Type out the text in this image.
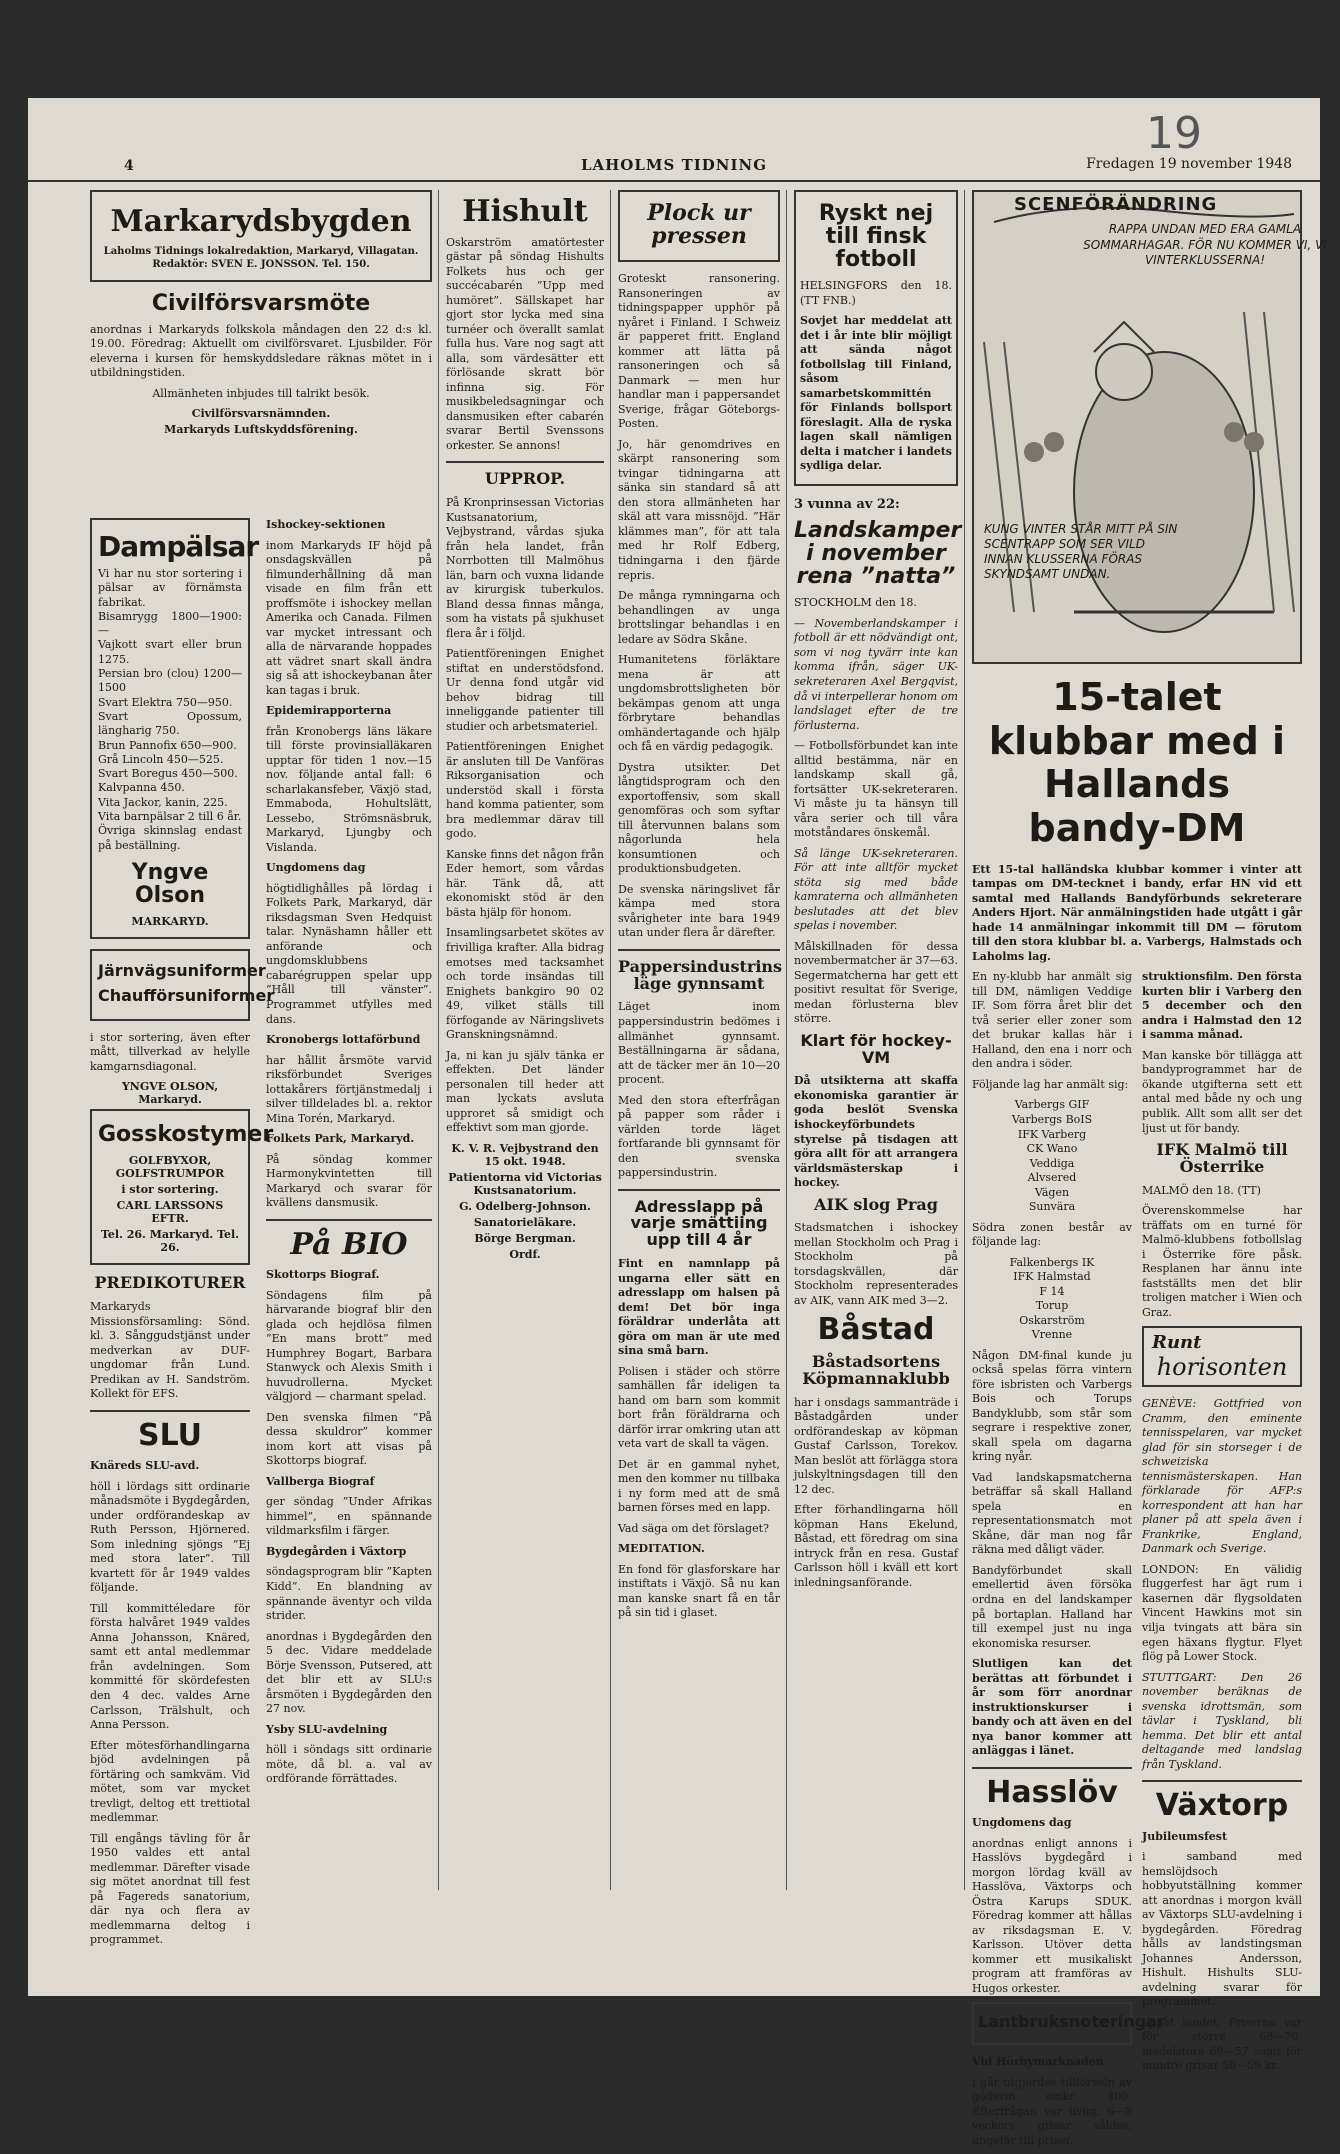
19
4	LAHOLMS TIDNING	Fredagen 19 november 1948
Markarydsbygden
Laholms Tidnings lokalredaktion, Markaryd, Villagatan.
Redaktör: SVEN E. JONSSON. Tel. 150.
Civilförsvarsmöte

anordnas i Markaryds folkskola måndagen den 22 d:s kl. 19.00. Föredrag: Aktuellt om civilförsvaret. Ljusbilder. För eleverna i kursen för hemskyddsledare räknas mötet in i utbildningstiden.

Allmänheten inbjudes till talrikt besök.

Civilförsvarsnämnden.
Markaryds Luftskyddsförening.
Dampälsar

Vi har nu stor sortering i pälsar av förnämsta fabrikat.

Bisamrygg 1800—1900:—

Vajkott svart eller brun 1275.

Persian bro (clou) 1200—1500

Svart Elektra 750—950.

Svart Opossum, längharig 750.

Brun Pannofix 650—900.

Grå Lincoln 450—525.

Svart Boregus 450—500.

Kalvpanna 450.

Vita Jackor, kanin, 225.

Vita barnpälsar 2 till 6 år.

Övriga skinnslag endast på beställning.

Yngve Olson
MARKARYD.
Järnvägsuniformer
Chaufförsuniformer

i stor sortering, även efter mått, tillverkad av helylle kamgarnsdiagonal.

YNGVE OLSON, Markaryd.
Gosskostymer
GOLFBYXOR, GOLFSTRUMPOR
i stor sortering.
CARL LARSSONS EFTR.
Tel. 26. Markaryd. Tel. 26.
PREDIKOTURER

Markaryds Missionsförsamling: Sönd. kl. 3. Sånggudstjänst under medverkan av DUF-ungdomar från Lund. Predikan av H. Sandström. Kollekt för EFS.

SLU

Knäreds SLU-avd.

höll i lördags sitt ordinarie månadsmöte i Bygdegården, under ordförandeskap av Ruth Persson, Hjörnered. Som inledning sjöngs ”Ej med stora later”. Till kvartett för år 1949 valdes följande.

Till kommittéledare för första halvåret 1949 valdes Anna Johansson, Knäred, samt ett antal medlemmar från avdelningen. Som kommitté för skördefesten den 4 dec. valdes Arne Carlsson, Trälshult, och Anna Persson.

Efter mötesförhandlingarna bjöd avdelningen på förtäring och samkväm. Vid mötet, som var mycket trevligt, deltog ett trettiotal medlemmar.

Till engångs tävling för år 1950 valdes ett antal medlemmar. Därefter visade sig mötet anordnat till fest på Fagereds sanatorium, där nya och flera av medlemmarna deltog i programmet.

Ishockey-sektionen

inom Markaryds IF höjd på onsdagskvällen på filmunderhållning då man visade en film från ett proffsmöte i ishockey mellan Amerika och Canada. Filmen var mycket intressant och alla de närvarande hoppades att vädret snart skall ändra sig så att ishockeybanan åter kan tagas i bruk.

Epidemirapporterna

från Kronobergs läns läkare till förste provinsialläkaren upptar för tiden 1 nov.—15 nov. följande antal fall: 6 scharlakansfeber, Växjö stad, Emmaboda, Hohultslätt, Lessebo, Strömsnäsbruk, Markaryd, Ljungby och Vislanda.

Ungdomens dag

högtidlighålles på lördag i Folkets Park, Markaryd, där riksdagsman Sven Hedquist talar. Nynäshamn håller ett anförande och ungdomsklubbens cabarégruppen spelar upp ”Håll till vänster”. Programmet utfylles med dans.

Kronobergs lottaförbund

har hållit årsmöte varvid riksförbundet Sveriges lottakårers förtjänstmedalj i silver tilldelades bl. a. rektor Mina Torén, Markaryd.

Folkets Park, Markaryd.

På söndag kommer Harmonykvintetten till Markaryd och svarar för kvällens dansmusik.

På BIO

Skottorps Biograf.

Söndagens film på härvarande biograf blir den glada och hejdlösa filmen ”En mans brott” med Humphrey Bogart, Barbara Stanwyck och Alexis Smith i huvudrollerna. Mycket välgjord — charmant spelad.

Den svenska filmen ”På dessa skuldror” kommer inom kort att visas på Skottorps biograf.

Vallberga Biograf

ger söndag ”Under Afrikas himmel”, en spännande vildmarksfilm i färger.

Bygdegården i Växtorp

söndagsprogram blir ”Kapten Kidd”. En blandning av spännande äventyr och vilda strider.

anordnas i Bygdegården den 5 dec. Vidare meddelade Börje Svensson, Putsered, att det blir ett av SLU:s årsmöten i Bygdegården den 27 nov.

Ysby SLU-avdelning

höll i söndags sitt ordinarie möte, då bl. a. val av ordförande förrättades.

Hishult

Oskarström amatörtester gästar på söndag Hishults Folkets hus och ger succécabarén ”Upp med humöret”. Sällskapet har gjort stor lycka med sina turnéer och överallt samlat fulla hus. Vare nog sagt att alla, som värdesätter ett förlösande skratt bör infinna sig. För musikbeledsagningar och dansmusiken efter cabarén svarar Bertil Svenssons orkester. Se annons!

UPPROP.

På Kronprinsessan Victorias Kustsanatorium, Vejbystrand, vårdas sjuka från hela landet, från Norrbotten till Malmöhus län, barn och vuxna lidande av kirurgisk tuberkulos. Bland dessa finnas många, som ha vistats på sjukhuset flera år i följd.

Patientföreningen Enighet stiftat en understödsfond. Ur denna fond utgår vid behov bidrag till inneliggande patienter till studier och arbetsmateriel.

Patientföreningen Enighet är ansluten till De Vanföras Riksorganisation och understöd skall i första hand komma patienter, som bra medlemmar därav till godo.

Kanske finns det någon från Eder hemort, som vårdas här. Tänk då, att ekonomiskt stöd är den bästa hjälp för honom.

Insamlingsarbetet skötes av frivilliga krafter. Alla bidrag emotses med tacksamhet och torde insändas till Enighets bankgiro 90 02 49, vilket ställs till förfogande av Näringslivets Granskningsnämnd.

Ja, ni kan ju själv tänka er effekten. Det länder personalen till heder att man lyckats avsluta upproret så smidigt och effektivt som man gjorde.

K. V. R. Vejbystrand den 15 okt. 1948.
Patientorna vid Victorias Kustsanatorium.
G. Odelberg-Johnson.
Sanatorieläkare.
Börge Bergman.
Ordf.
Plock ur pressen

Groteskt ransonering. Ransoneringen av tidningspapper upphör på nyåret i Finland. I Schweiz är papperet fritt. England kommer att lätta på ransoneringen och så Danmark — men hur handlar man i pappersandet Sverige, frågar Göteborgs-Posten.

Jo, här genomdrives en skärpt ransonering som tvingar tidningarna att sänka sin standard så att den stora allmänheten har skäl att vara missnöjd. ”Här klämmes man”, för att tala med hr Rolf Edberg, tidningarna i den fjärde repris.

De många rymningarna och behandlingen av unga brottslingar behandlas i en ledare av Södra Skåne.

Humanitetens förläktare mena är att ungdomsbrottsligheten bör bekämpas genom att unga förbrytare behandlas omhändertagande och hjälp och få en värdig pedagogik.

Dystra utsikter. Det långtidsprogram och den exportoffensiv, som skall genomföras och som syftar till återvunnen balans som någorlunda hela konsumtionen och produktionsbudgeten.

De svenska näringslivet får kämpa med stora svårigheter inte bara 1949 utan under flera år därefter.

Pappersindustrins läge gynnsamt

Läget inom pappersindustrin bedömes i allmänhet gynnsamt. Beställningarna är sådana, att de täcker mer än 10—20 procent.

Med den stora efterfrågan på papper som råder i världen torde läget fortfarande bli gynnsamt för den svenska pappersindustrin.

Adresslapp på varje smättiing upp till 4 år

Fint en namnlapp på ungarna eller sätt en adresslapp om halsen på dem! Det bör inga föräldrar underlåta att göra om man är ute med sina små barn.

Polisen i städer och större samhällen får ideligen ta hand om barn som kommit bort från föräldrarna och därför irrar omkring utan att veta vart de skall ta vägen.

Det är en gammal nyhet, men den kommer nu tillbaka i ny form med att de små barnen förses med en lapp.

Vad säga om det förslaget?

MEDITATION.

En fond för glasforskare har instiftats i Växjö. Så nu kan man kanske snart få en tår på sin tid i glaset.

Ryskt nej till finsk fotboll

HELSINGFORS den 18. (TT FNB.)

Sovjet har meddelat att det i år inte blir möjligt att sända något fotbollslag till Finland, såsom samarbetskommittén för Finlands bollsport föreslagit. Alla de ryska lagen skall nämligen delta i matcher i landets sydliga delar.

3 vunna av 22:

Landskamper i november rena ”natta”

STOCKHOLM den 18.

— Novemberlandskamper i fotboll är ett nödvändigt ont, som vi nog tyvärr inte kan komma ifrån, säger UK-sekreteraren Axel Bergqvist, då vi interpellerar honom om landslaget efter de tre förlusterna.

— Fotbollsförbundet kan inte alltid bestämma, när en landskamp skall gå, fortsätter UK-sekreteraren. Vi måste ju ta hänsyn till våra serier och till våra motståndares önskemål.

Så länge UK-sekreteraren. För att inte alltför mycket stöta sig med både kamraterna och allmänheten beslutades att det blev spelas i november.

Målskillnaden för dessa novembermatcher är 37—63. Segermatcherna har gett ett positivt resultat för Sverige, medan förlusterna blev större.

Klart för hockey-VM

Då utsikterna att skaffa ekonomiska garantier är goda beslöt Svenska ishockeyförbundets styrelse på tisdagen att göra allt för att arrangera världsmästerskap i hockey.

AIK slog Prag

Stadsmatchen i ishockey mellan Stockholm och Prag i Stockholm på torsdagskvällen, där Stockholm representerades av AIK, vann AIK med 3—2.

Båstad
Båstadsortens Köpmannaklubb

har i onsdags sammanträde i Båstadgården under ordförandeskap av köpman Gustaf Carlsson, Torekov. Man beslöt att förlägga stora julskyltningsdagen till den 12 dec.

Efter förhandlingarna höll köpman Hans Ekelund, Båstad, ett föredrag om sina intryck från en resa. Gustaf Carlsson höll i kväll ett kort inledningsanförande.

SCENFÖRÄNDRING
RAPPA UNDAN MED ERA GAMLA SOMMARHAGAR. FÖR NU KOMMER VI, VI VINTERKLUSSERNA!
KUNG VINTER STÅR MITT PÅ SIN SCENTRAPP SOM SER VILD INNAN KLUSSERNA FÖRAS SKYNDSAMT UNDAN.
15-talet klubbar med i Hallands bandy-DM

Ett 15-tal halländska klubbar kommer i vinter att tampas om DM-tecknet i bandy, erfar HN vid ett samtal med Hallands Bandyförbunds sekreterare Anders Hjort. När anmälningstiden hade utgått i går hade 14 anmälningar inkommit till DM — förutom till den stora klubbar bl. a. Varbergs, Halmstads och Laholms lag.

En ny-klubb har anmält sig till DM, nämligen Veddige IF. Som förra året blir det två serier eller zoner som det brukar kallas här i Halland, den ena i norr och den andra i söder.

Följande lag har anmält sig:

Varbergs GIF

Varbergs BoIS

IFK Varberg

CK Wano

Veddiga

Alvsered

Vägen

Sunvära

Södra zonen består av följande lag:

Falkenbergs IK

IFK Halmstad

F 14

Torup

Oskarström

Vrenne

Någon DM-final kunde ju också spelas förra vintern före isbristen och Varbergs Bois och Torups Bandyklubb, som står som segrare i respektive zoner, skall spela om dagarna kring nyår.

Vad landskapsmatcherna beträffar så skall Halland spela en representationsmatch mot Skåne, där man nog får räkna med dåligt väder.

Bandyförbundet skall emellertid även försöka ordna en del landskamper på bortaplan. Halland har till exempel just nu inga ekonomiska resurser.

Slutligen kan det berättas att förbundet i år som förr anordnar instruktionskurser i bandy och att även en del nya banor kommer att anläggas i länet.

Hasslöv

Ungdomens dag

anordnas enligt annons i Hasslövs bygdegård i morgon lördag kväll av Hasslöva, Växtorps och Östra Karups SDUK. Föredrag kommer att hållas av riksdagsman E. V. Karlsson. Utöver detta kommer ett musikaliskt program att framföras av Hugos orkester.

Lantbruksnoteringar

Vid Hörbymarknaden

i går utgjordes tillförseln av gödsvin omkr. 400. Efterfrågan var livlig. 6—8 veckors grisar såldes, ungefär till priser.

struktionsfilm. Den första kurten blir i Varberg den 5 december och den andra i Halmstad den 12 i samma månad.

Man kanske bör tillägga att bandyprogrammet har de ökande utgifterna sett ett antal med både ny och ung publik. Allt som allt ser det ljust ut för bandy.

IFK Malmö till Österrike

MALMÖ den 18. (TT)

Överenskommelse har träffats om en turné för Malmö-klubbens fotbollslag i Österrike före påsk. Resplanen har ännu inte fastställts men det blir troligen matcher i Wien och Graz.

Runt
horisonten

GENÈVE: Gottfried von Cramm, den eminente tennisspelaren, var mycket glad för sin storseger i de schweiziska tennismästerskapen. Han förklarade för AFP:s korrespondent att han har planer på att spela även i Frankrike, England, Danmark och Sverige.

LONDON: En välidig fluggerfest har ägt rum i kasernen där flygsoldaten Vincent Hawkins mot sin vilja tvingats att bära sin egen häxans flygtur. Flyet flög på Lower Stock.

STUTTGART: Den 26 november beräknas de svenska idrottsmän, som tävlar i Tyskland, bli hemma. Det blir ett antal deltagande med landslag från Tyskland.

Växtorp

Jubileumsfest

i samband med hemslöjdsoch hobbyutställning kommer att anordnas i morgon kväll av Växtorps SLU-avdelning i bygdegården. Föredrag hålls av landstingsman Johannes Andersson, Hishult. Hishults SLU-avdelning svarar för programmet.

uppåt landet. Priserna var för större 68—70, medelstora 60—57 samt för mindre grisar 50—59 kr.
